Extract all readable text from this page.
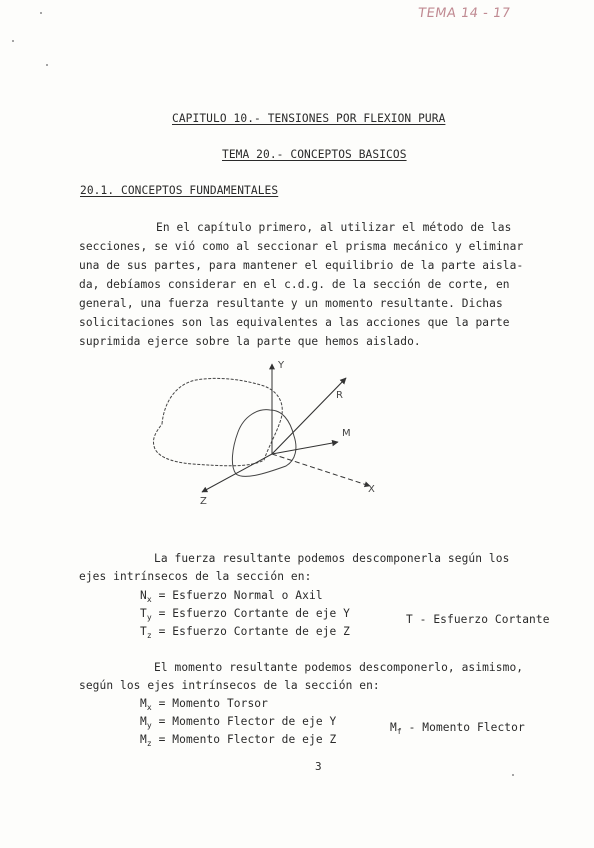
TEMA 14 - 17
CAPITULO 10.- TENSIONES POR FLEXION PURA
TEMA 20.- CONCEPTOS BASICOS
20.1. CONCEPTOS FUNDAMENTALES
En el capítulo primero, al utilizar el método de las
secciones, se vió como al seccionar el prisma mecánico y eliminar
una de sus partes, para mantener el equilibrio de la parte aisla-
da, debíamos considerar en el c.d.g. de la sección de corte, en
general, una fuerza resultante y un momento resultante. Dichas
solicitaciones son las equivalentes a las acciones que la parte
suprimida ejerce sobre la parte que hemos aislado.
Y
X
Z
R
M
La fuerza resultante podemos descomponerla según los
ejes intrínsecos de la sección en:
$N_x$ = Esfuerzo Normal o Axil
$T_y$ = Esfuerzo Cortante de eje Y
$T_z$ = Esfuerzo Cortante de eje Z
T - Esfuerzo Cortante
El momento resultante podemos descomponerlo, asimismo,
según los ejes intrínsecos de la sección en:
$M_x$ = Momento Torsor
$M_y$ = Momento Flector de eje Y
$M_z$ = Momento Flector de eje Z
$M_f$ - Momento Flector
3
